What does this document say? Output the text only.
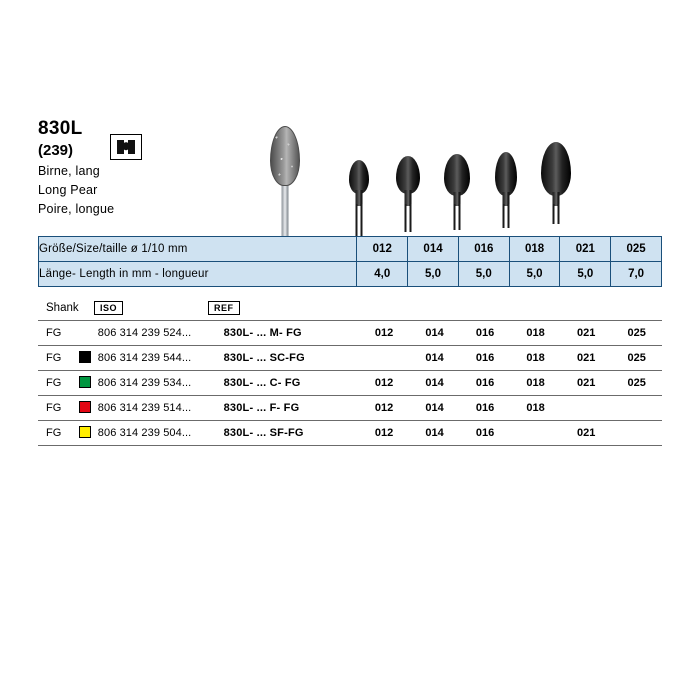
830L
(239)
Birne, lang
Long Pear
Poire, longue
Größe/Size/taille ø 1/10 mm	012	014	016	018	021	025
Länge- Length in mm - longueur	4,0	5,0	5,0	5,0	5,0	7,0
Shank	ISO	REF
FG		806 314 239 524...	830L- ... M- FG	012	014	016	018	021	025
FG		806 314 239 544...	830L- ... SC-FG		014	016	018	021	025
FG		806 314 239 534...	830L- ... C- FG	012	014	016	018	021	025
FG		806 314 239 514...	830L- ... F- FG	012	014	016	018		
FG		806 314 239 504...	830L- ... SF-FG	012	014	016		021	
